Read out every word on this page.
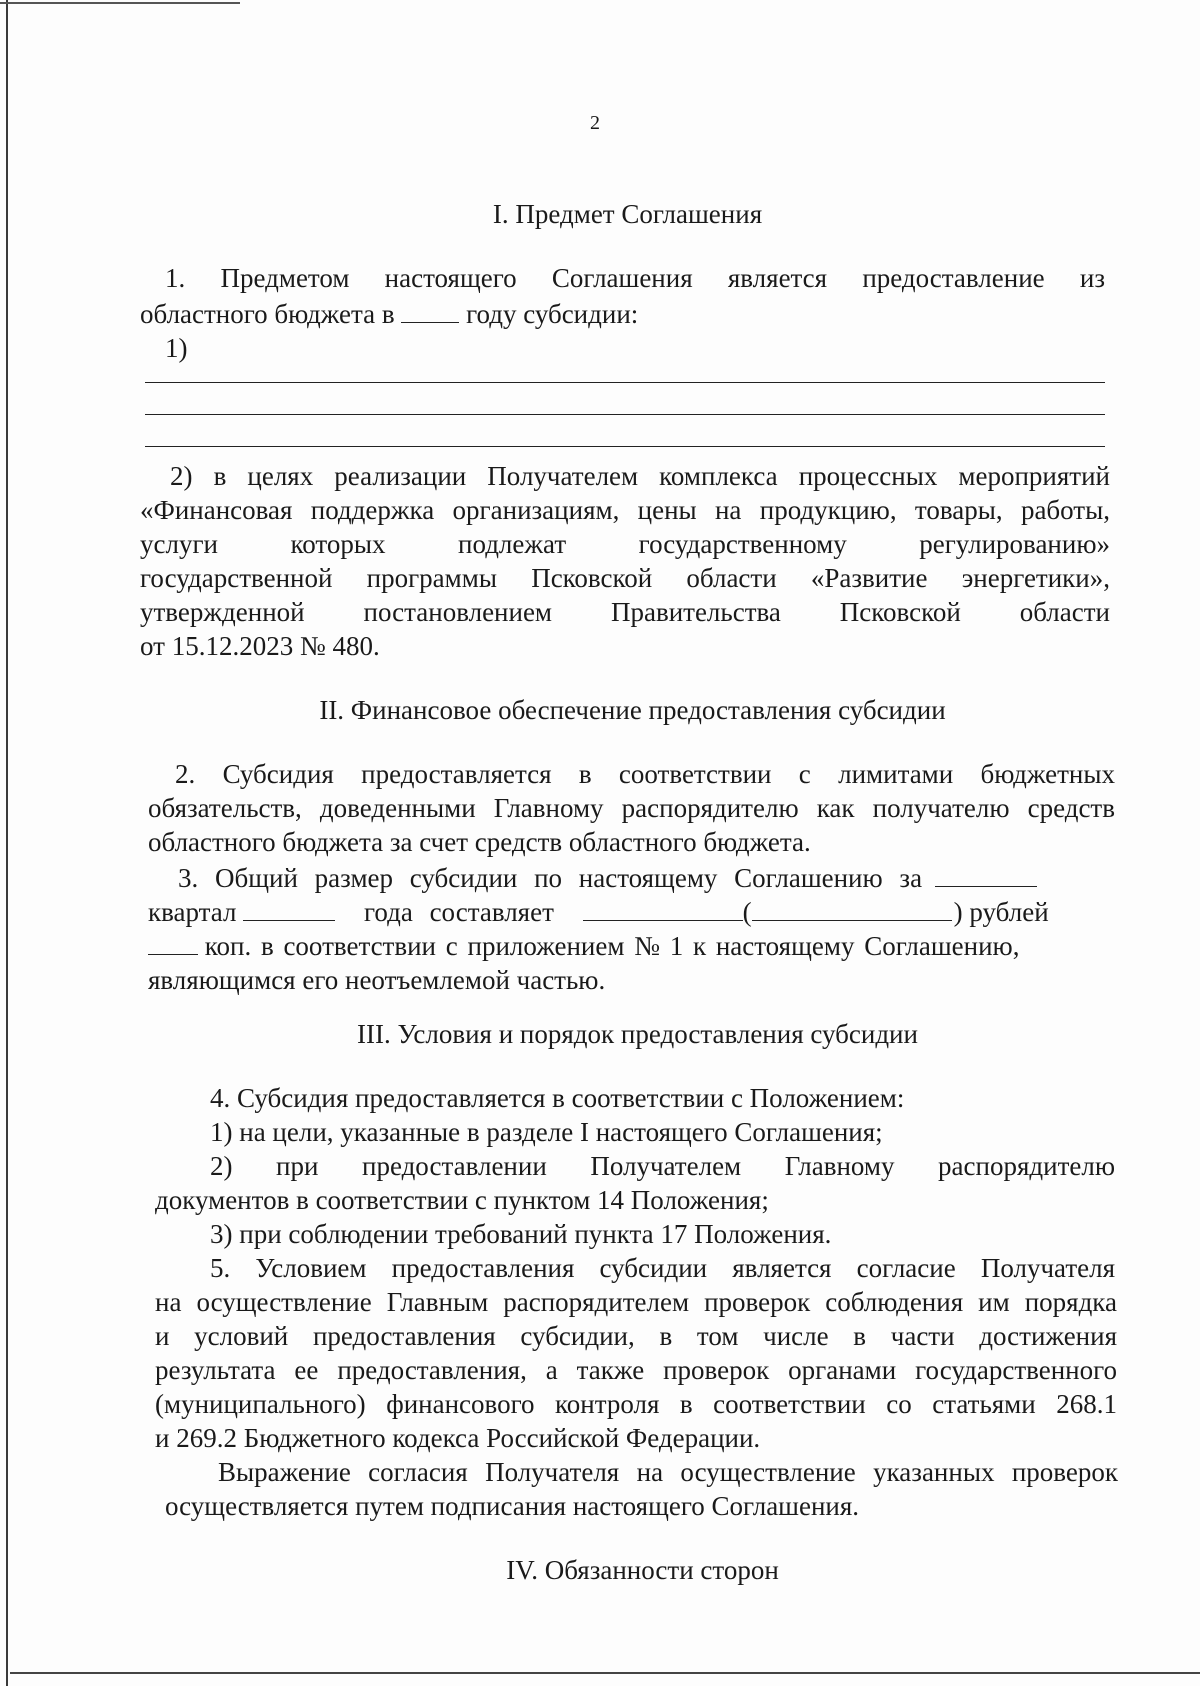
2
I. Предмет Соглашения
1. Предметом настоящего Соглашения является предоставление из
областного бюджета в	году субсидии:
1)
2) в целях реализации Получателем комплекса процессных мероприятий
«Финансовая поддержка организациям, цены на продукцию, товары, работы,
услуги которых подлежат государственному регулированию»
государственной программы Псковской области «Развитие энергетики»,
утвержденной постановлением Правительства Псковской области
от 15.12.2023 № 480.
II. Финансовое обеспечение предоставления субсидии
2. Субсидия предоставляется в соответствии с лимитами бюджетных
обязательств, доведенными Главному распорядителю как получателю средств
областного бюджета за счет средств областного бюджета.
3. Общий размер субсидии по настоящему Соглашению за
квартал	года составляет	(	) рублей
коп. в соответствии с приложением № 1 к настоящему Соглашению,
являющимся его неотъемлемой частью.
III. Условия и порядок предоставления субсидии
4. Субсидия предоставляется в соответствии с Положением:
1) на цели, указанные в разделе I настоящего Соглашения;
2) при предоставлении Получателем Главному распорядителю
документов в соответствии с пунктом 14 Положения;
3) при соблюдении требований пункта 17 Положения.
5. Условием предоставления субсидии является согласие Получателя
на осуществление Главным распорядителем проверок соблюдения им порядка
и условий предоставления субсидии, в том числе в части достижения
результата ее предоставления, а также проверок органами государственного
(муниципального) финансового контроля в соответствии со статьями 268.1
и 269.2 Бюджетного кодекса Российской Федерации.
Выражение согласия Получателя на осуществление указанных проверок
осуществляется путем подписания настоящего Соглашения.
IV. Обязанности сторон
